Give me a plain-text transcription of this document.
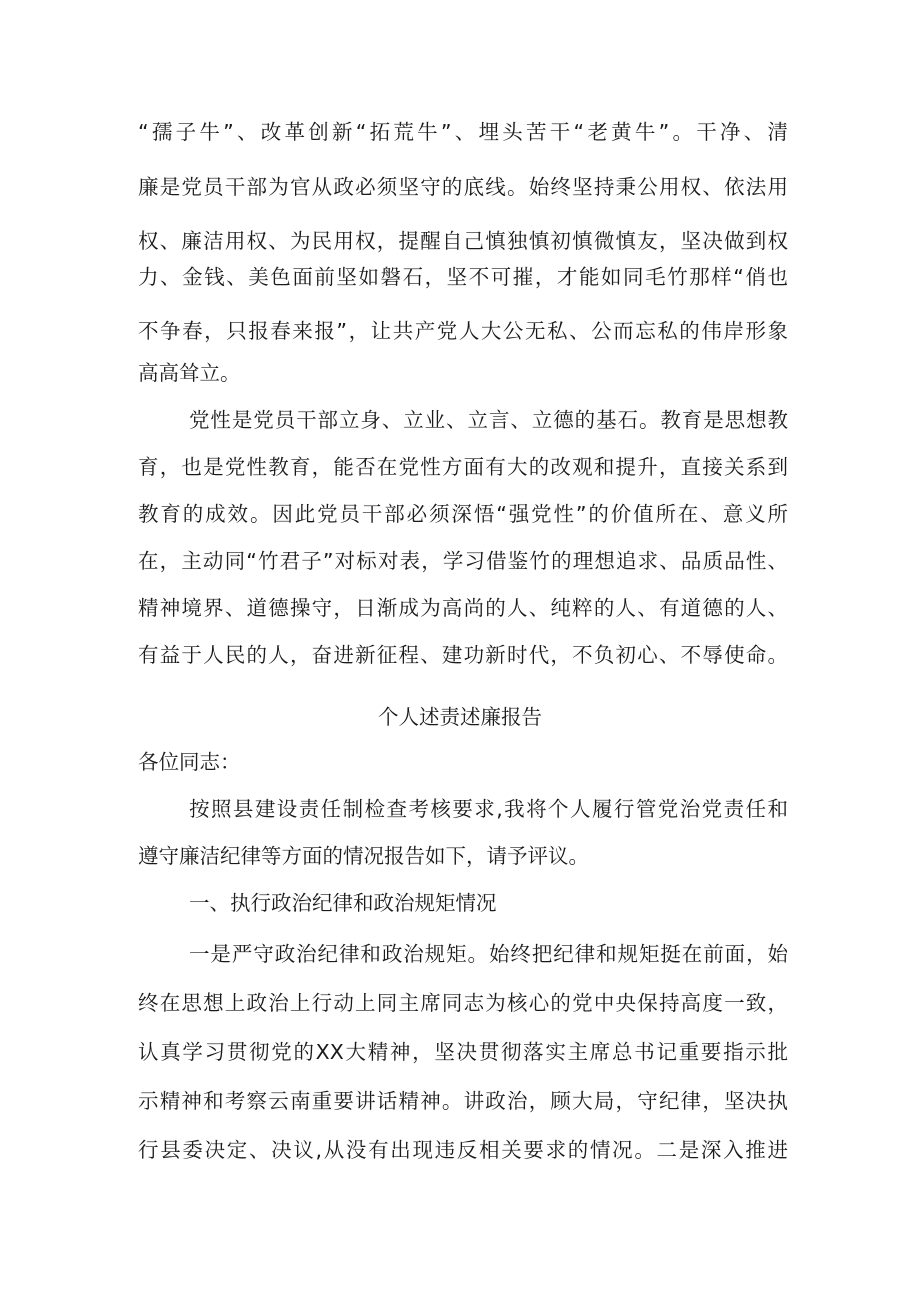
“孺子牛”、改革创新“拓荒牛”、埋头苦干“老黄牛”。干净、清
廉是党员干部为官从政必须坚守的底线。始终坚持秉公用权、依法用
权、廉洁用权、为民用权，提醒自己慎独慎初慎微慎友，坚决做到权
力、金钱、美色面前坚如磐石，坚不可摧，才能如同毛竹那样“俏也
不争春，只报春来报”，让共产党人大公无私、公而忘私的伟岸形象
高高耸立。
党性是党员干部立身、立业、立言、立德的基石。教育是思想教
育，也是党性教育，能否在党性方面有大的改观和提升，直接关系到
教育的成效。因此党员干部必须深悟“强党性”的价值所在、意义所
在，主动同“竹君子”对标对表，学习借鉴竹的理想追求、品质品性、
精神境界、道德操守，日渐成为高尚的人、纯粹的人、有道德的人、
有益于人民的人，奋进新征程、建功新时代，不负初心、不辱使命。
个人述责述廉报告
各位同志：
按照县建设责任制检查考核要求,我将个人履行管党治党责任和
遵守廉洁纪律等方面的情况报告如下，请予评议。
一、执行政治纪律和政治规矩情况
一是严守政治纪律和政治规矩。始终把纪律和规矩挺在前面，始
终在思想上政治上行动上同主席同志为核心的党中央保持高度一致，
认真学习贯彻党的XX大精神，坚决贯彻落实主席总书记重要指示批
示精神和考察云南重要讲话精神。讲政治，顾大局，守纪律，坚决执
行县委决定、决议,从没有出现违反相关要求的情况。二是深入推进
